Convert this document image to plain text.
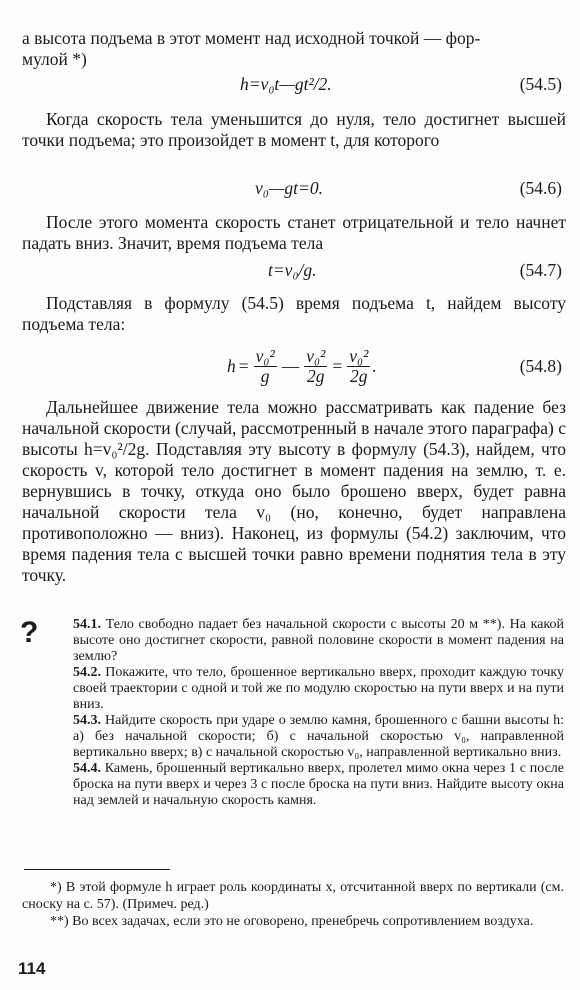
а высота подъема в этот момент над исходной точкой — фор-

мулой *)

h=v₀t—gt²/2.	(54.5)

Когда скорость тела уменьшится до нуля, тело достигнет высшей точки подъема; это произойдет в момент t, для которого

v₀—gt=0.	(54.6)

После этого момента скорость станет отрицательной и тело начнет падать вниз. Значит, время подъема тела

t=v₀/g.	(54.7)

Подставляя в формулу (54.5) время подъема t, найдем высоту подъема тела:

$h = \frac{\text{v₀²}}{g}$ — $\frac{\text{v₀²}}{2g} = \frac{\text{v₀²}}{2g}$ .	(54.8)

Дальнейшее движение тела можно рассматривать как падение без начальной скорости (случай, рассмотренный в начале этого параграфа) с высоты h=v₀²/2g. Подставляя эту высоту в формулу (54.3), найдем, что скорость v, которой тело достигнет в момент падения на землю, т. е. вернувшись в точку, откуда оно было брошено вверх, будет равна начальной скорости тела v₀ (но, конечно, будет направлена противоположно — вниз). Наконец, из формулы (54.2) заключим, что время падения тела с высшей точки равно времени поднятия тела в эту точку.

? 54.1. Тело свободно падает без начальной скорости с высоты 20 м **). На какой высоте оно достигнет скорости, равной половине скорости в момент падения на землю?

54.2. Покажите, что тело, брошенное вертикально вверх, проходит каждую точку своей траектории с одной и той же по модулю скоростью на пути вверх и на пути вниз.

54.3. Найдите скорость при ударе о землю камня, брошенного с башни высоты h: а) без начальной скорости; б) с начальной скоростью v₀, направленной вертикально вверх; в) с начальной скоростью v₀, направленной вертикально вниз.

54.4. Камень, брошенный вертикально вверх, пролетел мимо окна через 1 с после броска на пути вверх и через 3 с после броска на пути вниз. Найдите высоту окна над землей и начальную скорость камня.

*) В этой формуле h играет роль координаты x, отсчитанной вверх по вертикали (см. сноску на с. 57). (Примеч. ред.)

**) Во всех задачах, если это не оговорено, пренебречь сопротивлением воздуха.

114
